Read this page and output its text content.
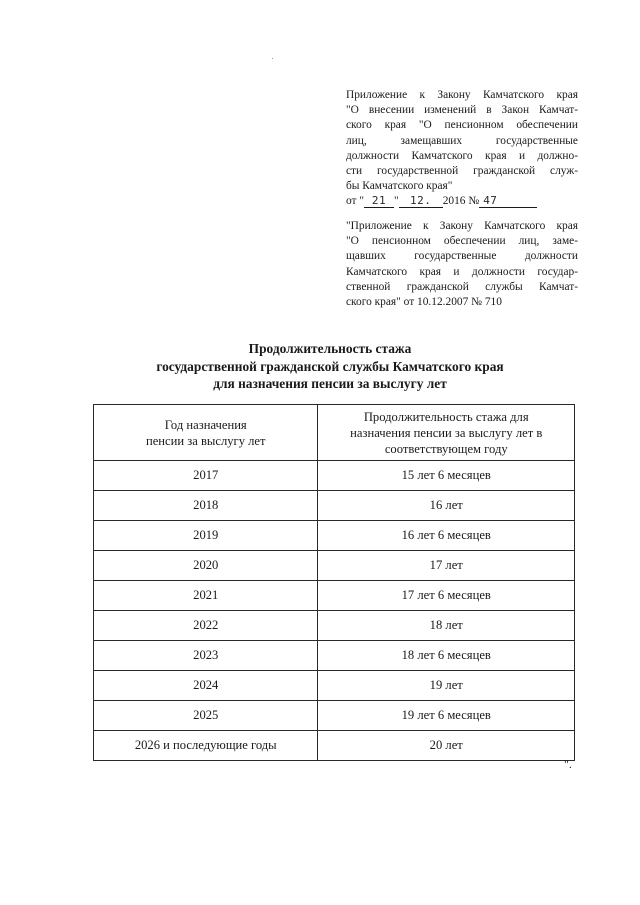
Приложение к Закону Камчатского края
"О внесении изменений в Закон Камчат-
ского края "О пенсионном обеспечении
лиц, замещавших государственные
должности Камчатского края и должно-
сти государственной гражданской служ-
бы Камчатского края"
от " 21 " 12. 2016 № 47
"Приложение к Закону Камчатского края
"О пенсионном обеспечении лиц, заме-
щавших государственные должности
Камчатского края и должности государ-
ственной гражданской службы Камчат-
ского края" от 10.12.2007 № 710
Продолжительность стажа
государственной гражданской службы Камчатского края
для назначения пенсии за выслугу лет
Год назначения
пенсии за выслугу лет	Продолжительность стажа для
назначения пенсии за выслугу лет в
соответствующем году

2017	15 лет 6 месяцев
2018	16 лет
2019	16 лет 6 месяцев
2020	17 лет
2021	17 лет 6 месяцев
2022	18 лет
2023	18 лет 6 месяцев
2024	19 лет
2025	19 лет 6 месяцев
2026 и последующие годы	20 лет
".
